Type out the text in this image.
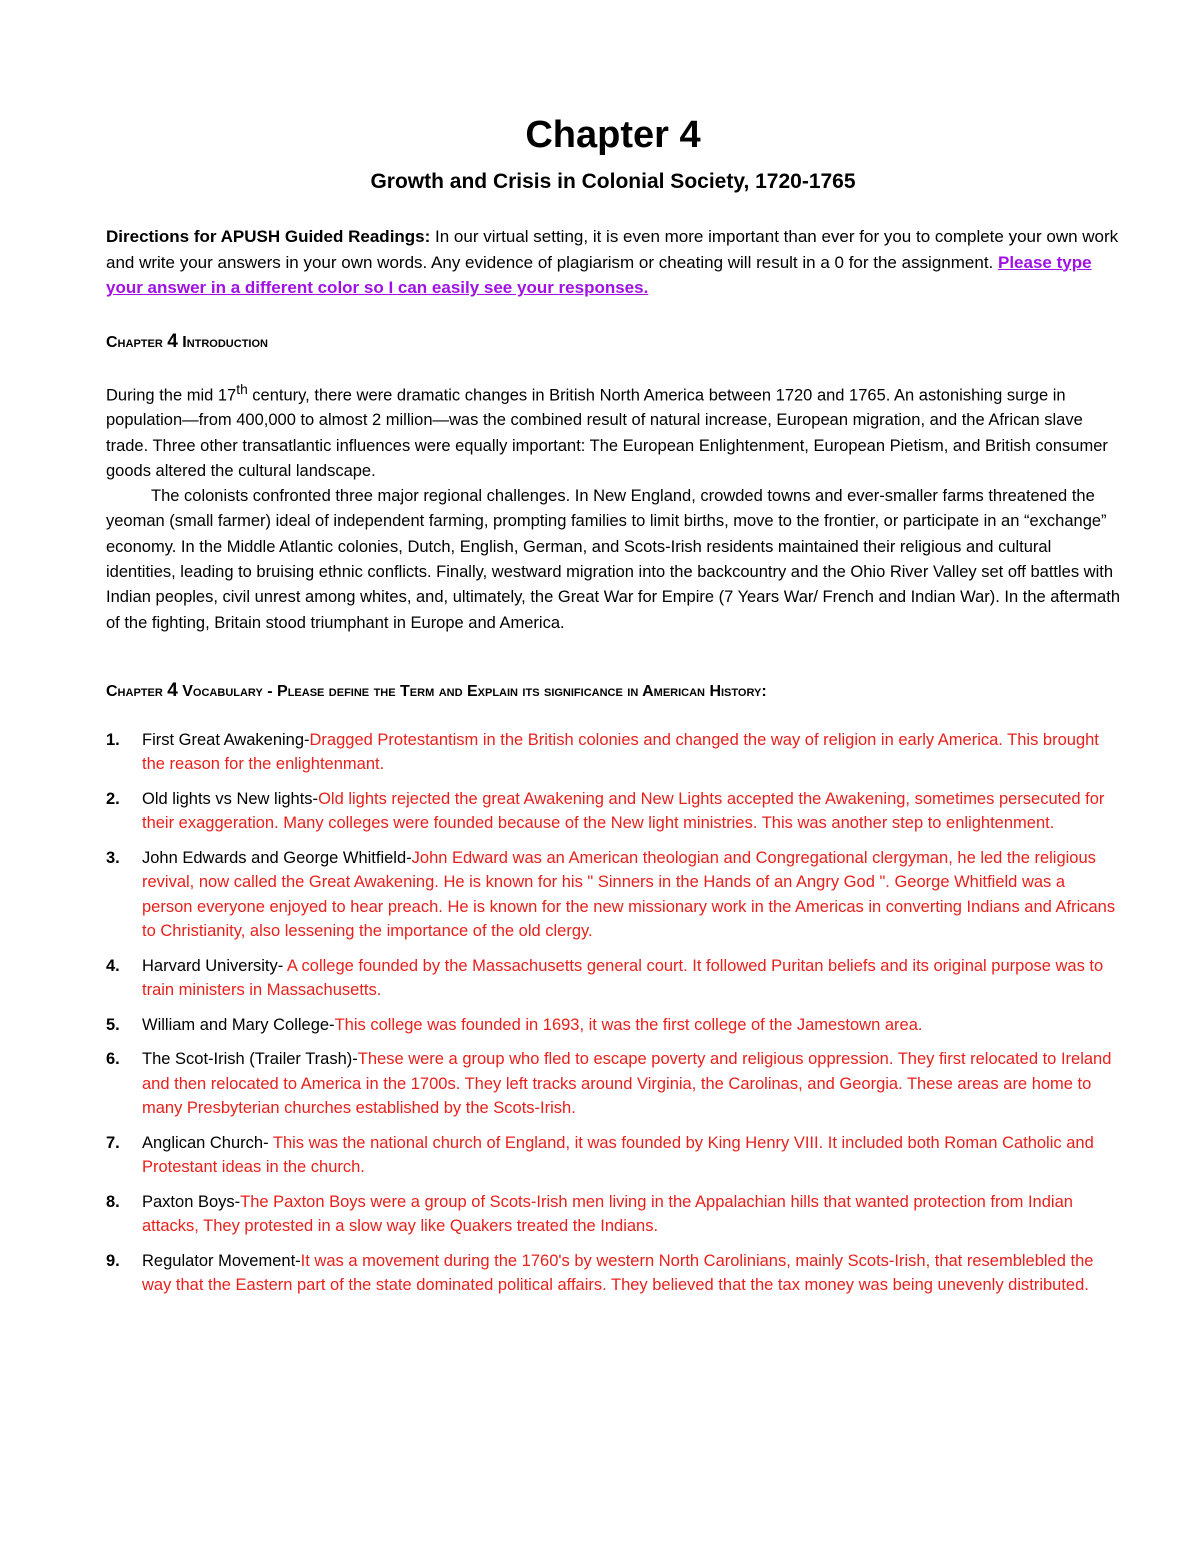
Chapter 4
Growth and Crisis in Colonial Society, 1720-1765

Directions for APUSH Guided Readings: In our virtual setting, it is even more important than ever for you to complete your own work and write your answers in your own words. Any evidence of plagiarism or cheating will result in a 0 for the assignment. Please type your answer in a different color so I can easily see your responses.

Chapter 4 Introduction

During the mid 17th century, there were dramatic changes in British North America between 1720 and 1765. An astonishing surge in population—from 400,000 to almost 2 million—was the combined result of natural increase, European migration, and the African slave trade. Three other transatlantic influences were equally important: The European Enlightenment, European Pietism, and British consumer goods altered the cultural landscape.

The colonists confronted three major regional challenges. In New England, crowded towns and ever-smaller farms threatened the yeoman (small farmer) ideal of independent farming, prompting families to limit births, move to the frontier, or participate in an “exchange” economy. In the Middle Atlantic colonies, Dutch, English, German, and Scots-Irish residents maintained their religious and cultural identities, leading to bruising ethnic conflicts. Finally, westward migration into the backcountry and the Ohio River Valley set off battles with Indian peoples, civil unrest among whites, and, ultimately, the Great War for Empire (7 Years War/ French and Indian War). In the aftermath of the fighting, Britain stood triumphant in Europe and America.

Chapter 4 Vocabulary - Please define the Term and Explain its significance in American History:
1. First Great Awakening-Dragged Protestantism in the British colonies and changed the way of religion in early America. This brought the reason for the enlightenmant.
2. Old lights vs New lights-Old lights rejected the great Awakening and New Lights accepted the Awakening, sometimes persecuted for their exaggeration. Many colleges were founded because of the New light ministries. This was another step to enlightenment.
3. John Edwards and George Whitfield-John Edward was an American theologian and Congregational clergyman, he led the religious revival, now called the Great Awakening. He is known for his " Sinners in the Hands of an Angry God ". George Whitfield was a person everyone enjoyed to hear preach. He is known for the new missionary work in the Americas in converting Indians and Africans to Christianity, also lessening the importance of the old clergy.
4. Harvard University- A college founded by the Massachusetts general court. It followed Puritan beliefs and its original purpose was to train ministers in Massachusetts.
5. William and Mary College-This college was founded in 1693, it was the first college of the Jamestown area.
6. The Scot-Irish (Trailer Trash)-These were a group who fled to escape poverty and religious oppression. They first relocated to Ireland and then relocated to America in the 1700s. They left tracks around Virginia, the Carolinas, and Georgia. These areas are home to many Presbyterian churches established by the Scots-Irish.
7. Anglican Church- This was the national church of England, it was founded by King Henry VIII. It included both Roman Catholic and Protestant ideas in the church.
8. Paxton Boys-The Paxton Boys were a group of Scots-Irish men living in the Appalachian hills that wanted protection from Indian attacks, They protested in a slow way like Quakers treated the Indians.
9. Regulator Movement-It was a movement during the 1760's by western North Carolinians, mainly Scots-Irish, that resemblebled the way that the Eastern part of the state dominated political affairs. They believed that the tax money was being unevenly distributed.
